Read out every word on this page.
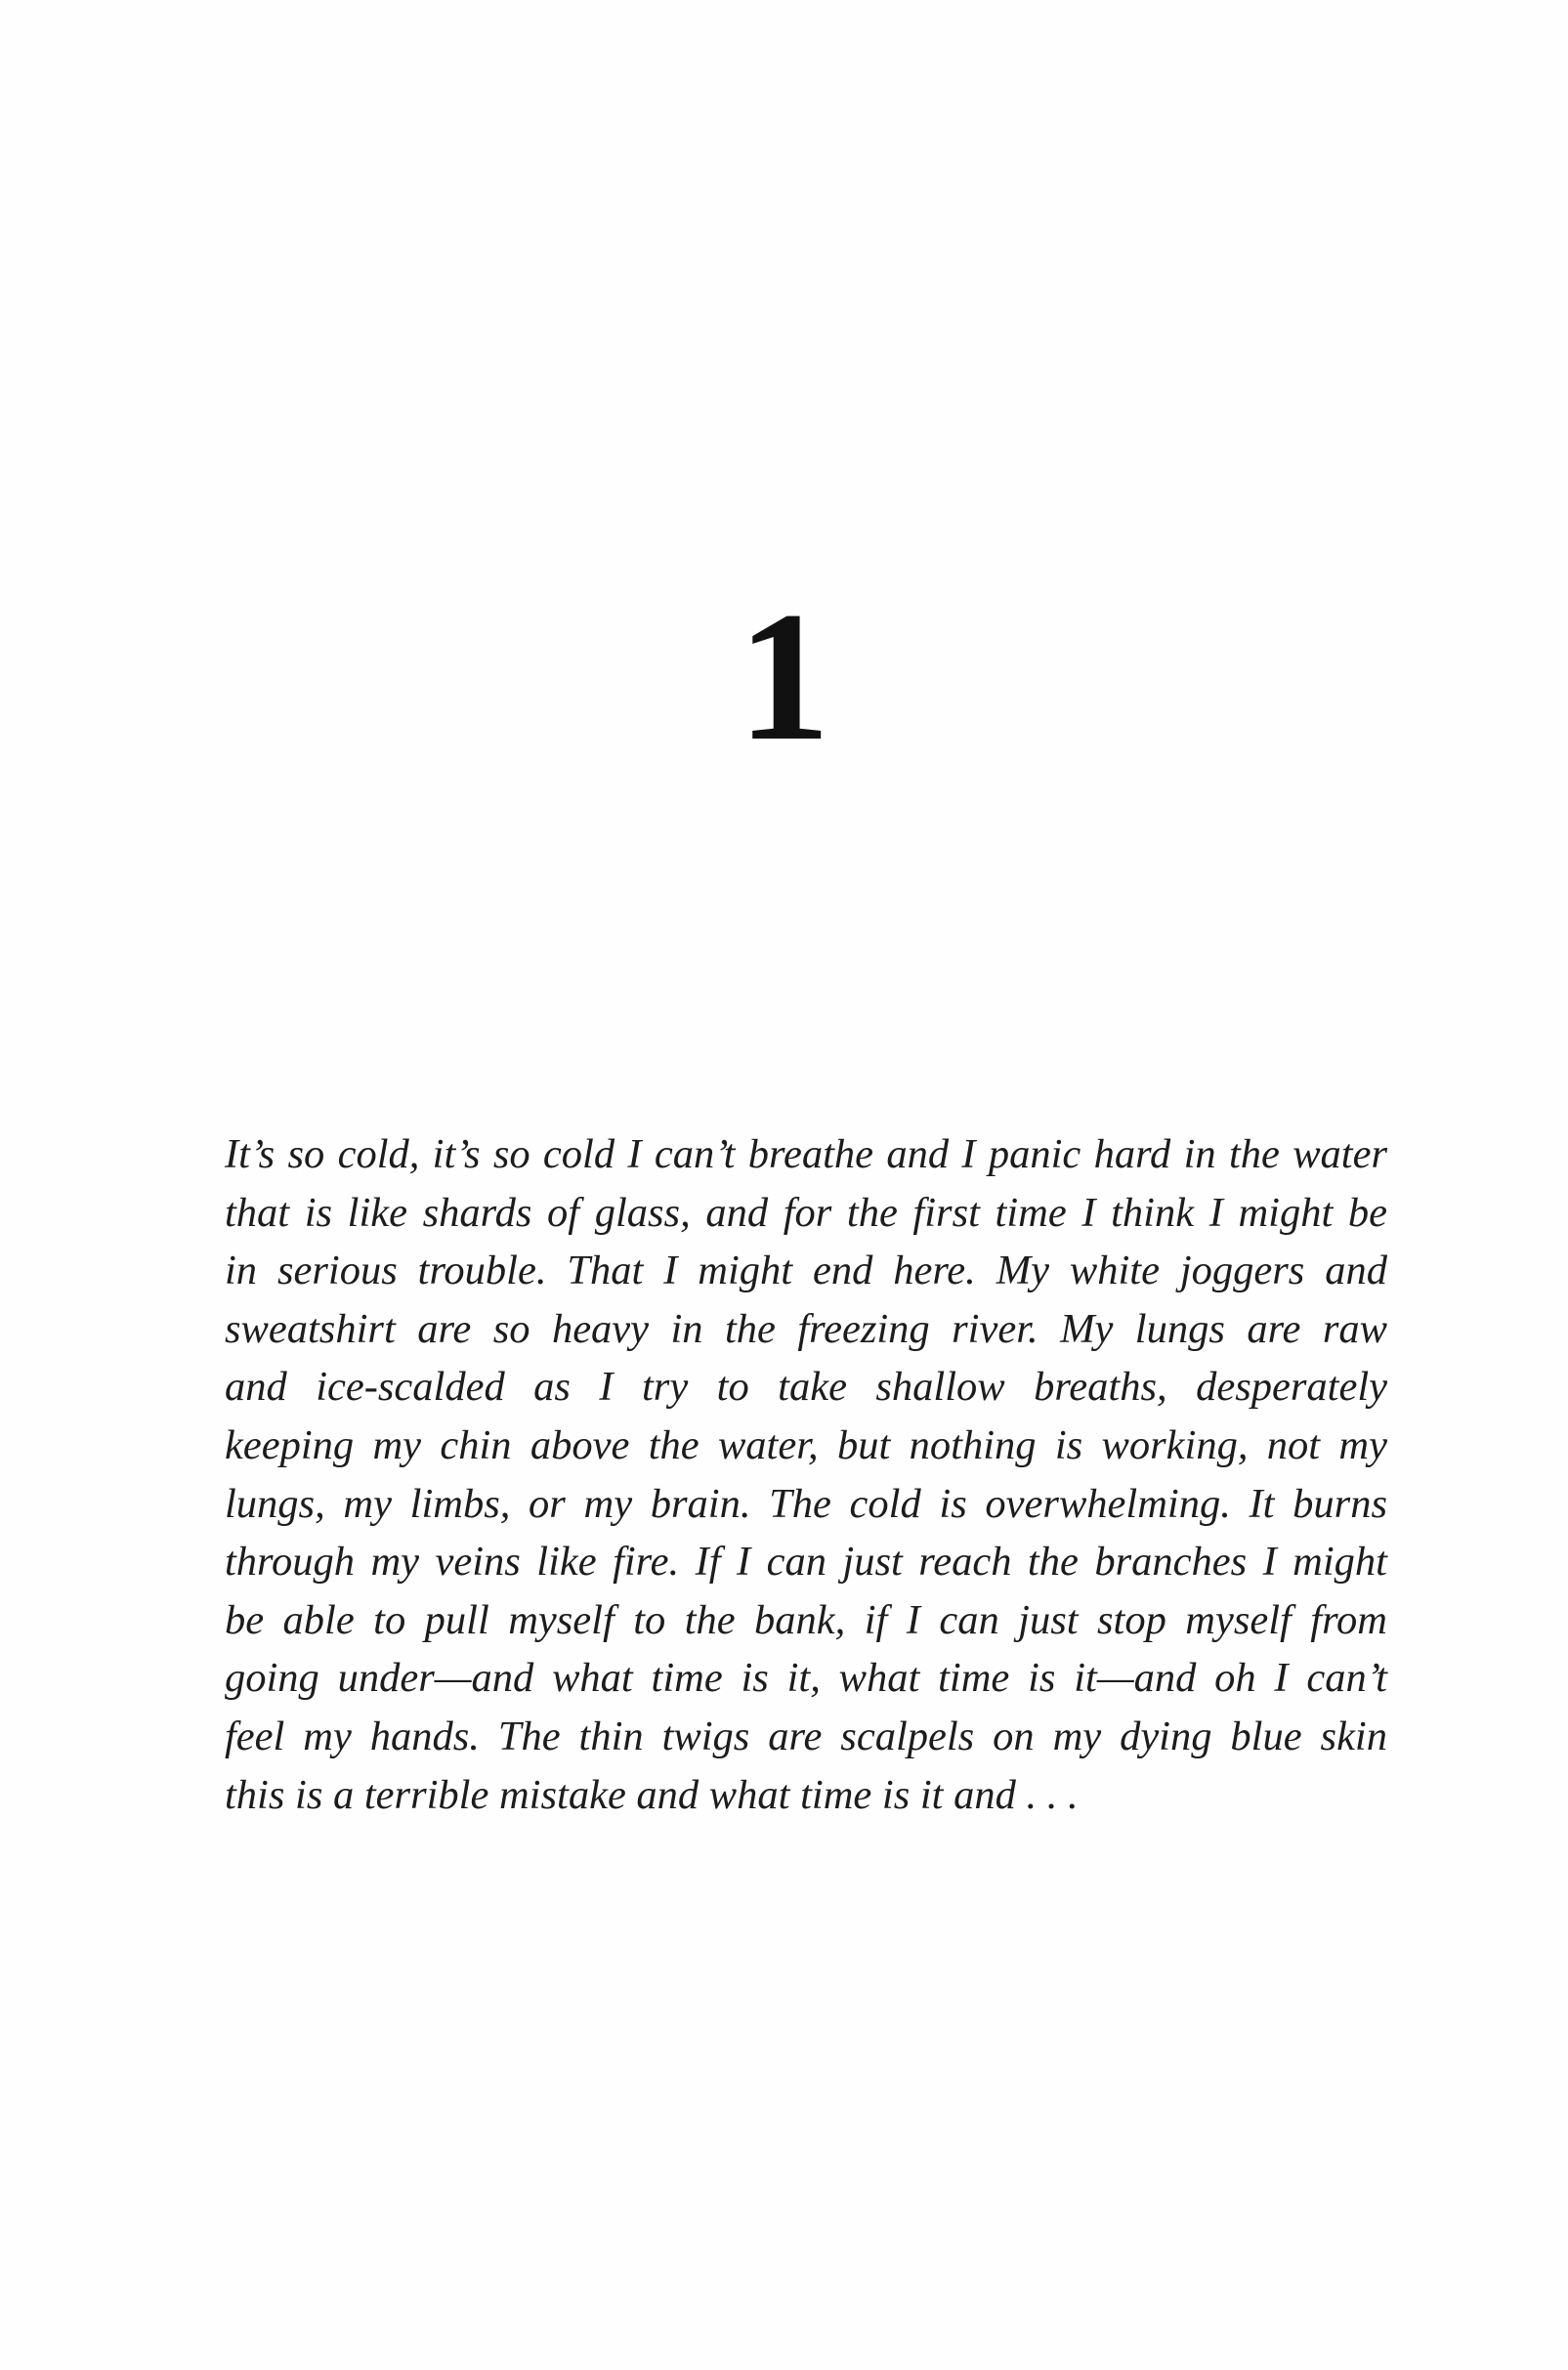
1
It’s so cold, it’s so cold I can’t breathe and I panic hard in the water
that is like shards of glass, and for the first time I think I might be
in serious trouble. That I might end here. My white joggers and
sweatshirt are so heavy in the freezing river. My lungs are raw
and ice-scalded as I try to take shallow breaths, desperately
keeping my chin above the water, but nothing is working, not my
lungs, my limbs, or my brain. The cold is overwhelming. It burns
through my veins like fire. If I can just reach the branches I might
be able to pull myself to the bank, if I can just stop myself from
going under—and what time is it, what time is it—and oh I can’t
feel my hands. The thin twigs are scalpels on my dying blue skin
this is a terrible mistake and what time is it and . . .
